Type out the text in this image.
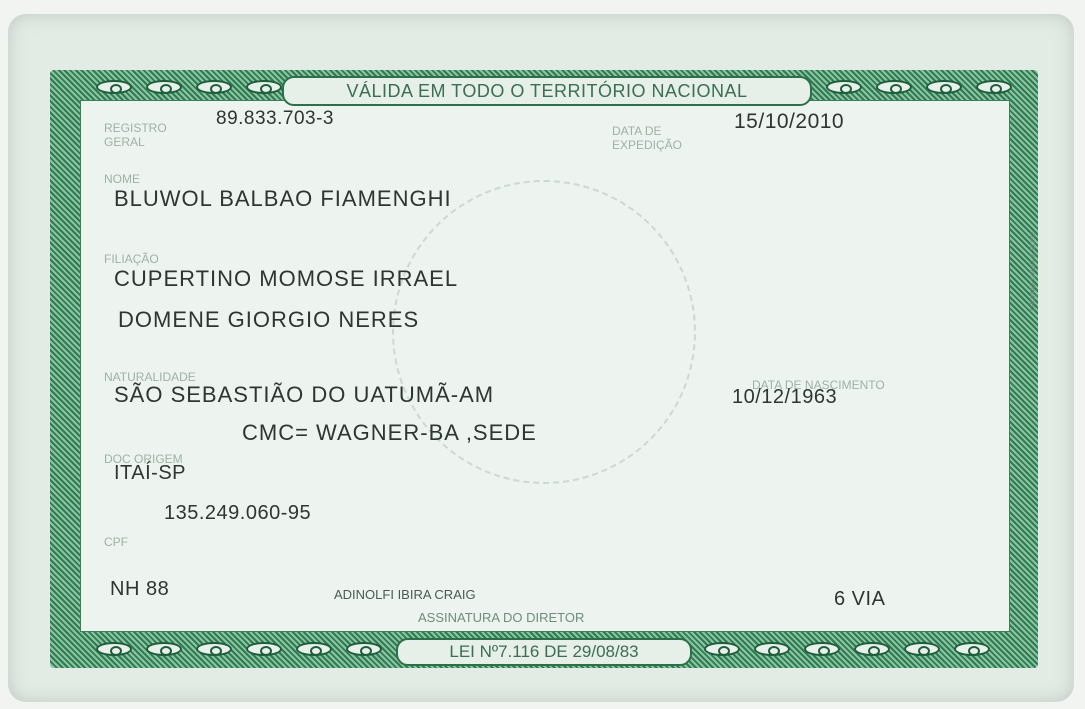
VÁLIDA EM TODO O TERRITÓRIO NACIONAL
REGISTRO GERAL
89.833.703-3
DATA DE EXPEDIÇÃO
15/10/2010
NOME
BLUWOL BALBAO FIAMENGHI
FILIAÇÃO
CUPERTINO MOMOSE IRRAEL
DOMENE GIORGIO NERES
NATURALIDADE
SÃO SEBASTIÃO DO UATUMÃ-AM	DATA DE NASCIMENTO
10/12/1963
CMC= WAGNER-BA ,SEDE
DOC ORIGEM
ITAÍ-SP
135.249.060-95
CPF
NH 88	ADINOLFI IBIRA CRAIG
ASSINATURA DO DIRETOR
6 VIA
LEI Nº7.116 DE 29/08/83
THOMAS GREG & SONS
